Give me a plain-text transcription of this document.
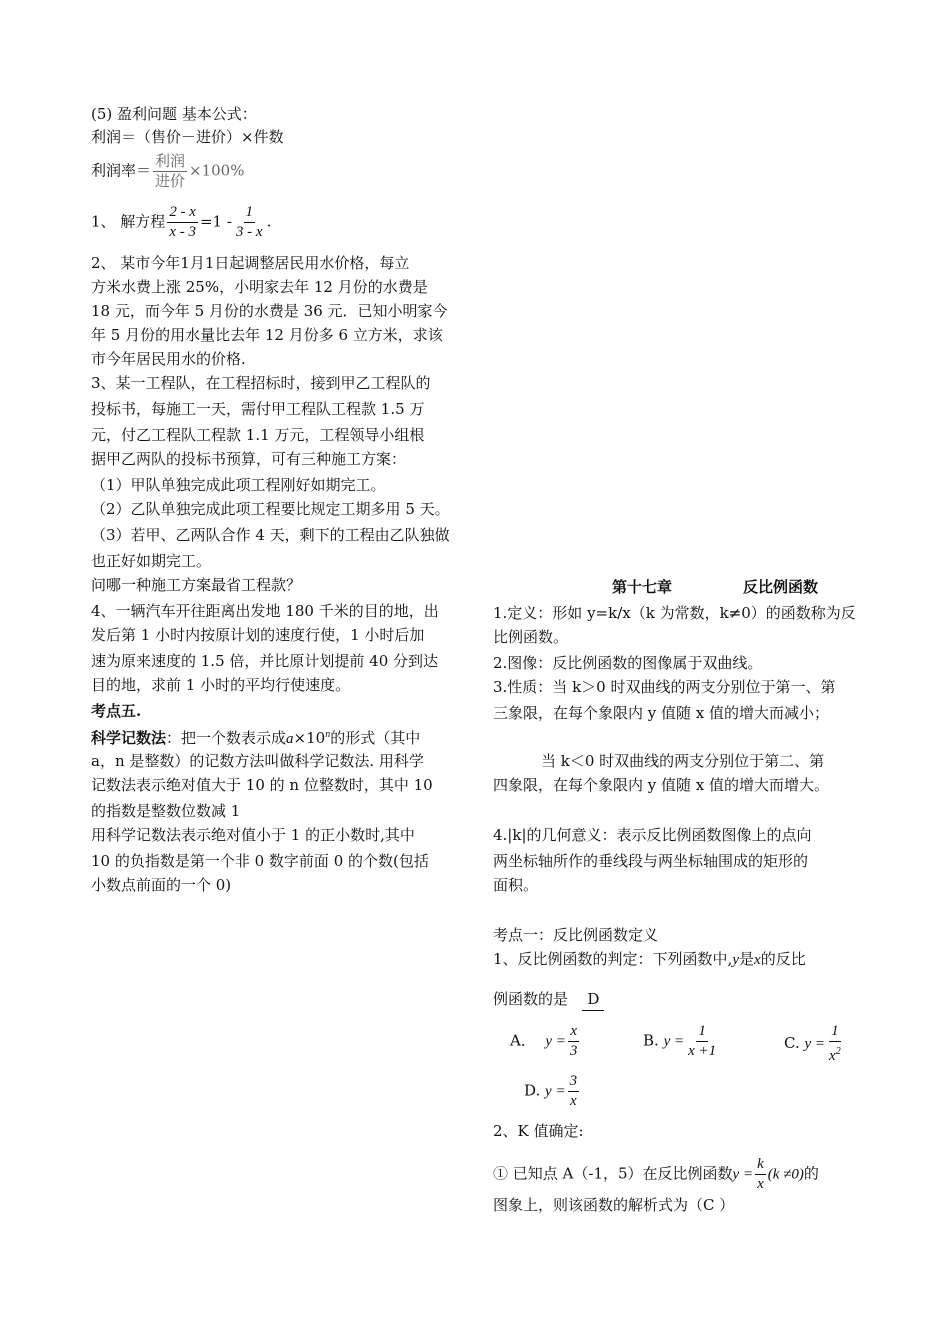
(5) 盈利问题 基本公式：
利润＝（售价－进价）×件数
利润率＝ $\frac{\text{利润}}{\text{进价}} \times 100\%$
1、 解方程 $\frac{2 - x}{x - 3} =1 - \frac{1}{3 - x}$ .
2、 某市今年1月1日起调整居民用水价格，每立
方米水费上涨 25%，小明家去年 12 月份的水费是
18 元，而今年 5 月份的水费是 36 元．已知小明家今
年 5 月份的用水量比去年 12 月份多 6 立方米，求该
市今年居民用水的价格.
3、某一工程队，在工程招标时，接到甲乙工程队的
投标书，每施工一天，需付甲工程队工程款 1.5 万
元，付乙工程队工程款 1.1 万元，工程领导小组根
据甲乙两队的投标书预算，可有三种施工方案：
（1）甲队单独完成此项工程刚好如期完工。
（2）乙队单独完成此项工程要比规定工期多用 5 天。
（3）若甲、乙两队合作 4 天，剩下的工程由乙队独做
也正好如期完工。
问哪一种施工方案最省工程款？
4、一辆汽车开往距离出发地 180 千米的目的地，出
发后第 1 小时内按原计划的速度行使，1 小时后加
速为原来速度的 1.5 倍，并比原计划提前 40 分到达
目的地，求前 1 小时的平均行使速度。
考点五.
科学记数法：把一个数表示成$a\times 10^n$的形式（其中
a，n 是整数）的记数方法叫做科学记数法. 用科学
记数法表示绝对值大于 10 的 n 位整数时，其中 10
的指数是整数位数减 1
用科学记数法表示绝对值小于 1 的正小数时,其中
10 的负指数是第一个非 0 数字前面 0 的个数(包括
小数点前面的一个 0)
第十七章	反比例函数
1.定义：形如 y=k/x（k 为常数，k≠0）的函数称为反
比例函数。
2.图像：反比例函数的图像属于双曲线。
3.性质：当 k＞0 时双曲线的两支分别位于第一、第
三象限，在每个象限内 y 值随 x 值的增大而减小；
当 k＜0 时双曲线的两支分别位于第二、第
四象限，在每个象限内 y 值随 x 值的增大而增大。
4.|k|的几何意义：表示反比例函数图像上的点向
两坐标轴所作的垂线段与两坐标轴围成的矩形的
面积。
考点一：反比例函数定义
1、反比例函数的判定：下列函数中,y是x的反比
例函数的是 D
A． $y = \frac{x}{3}$	B. $y = \frac{1}{x +1}$	C. $y = \frac{1}{x^2}$
D. $y = \frac{3}{x}$
2、K 值确定:
① 已知点 A（-1，5）在反比例函数$y = \frac{k}{x} (k \ne 0)$的
图象上，则该函数的解析式为（C ）
